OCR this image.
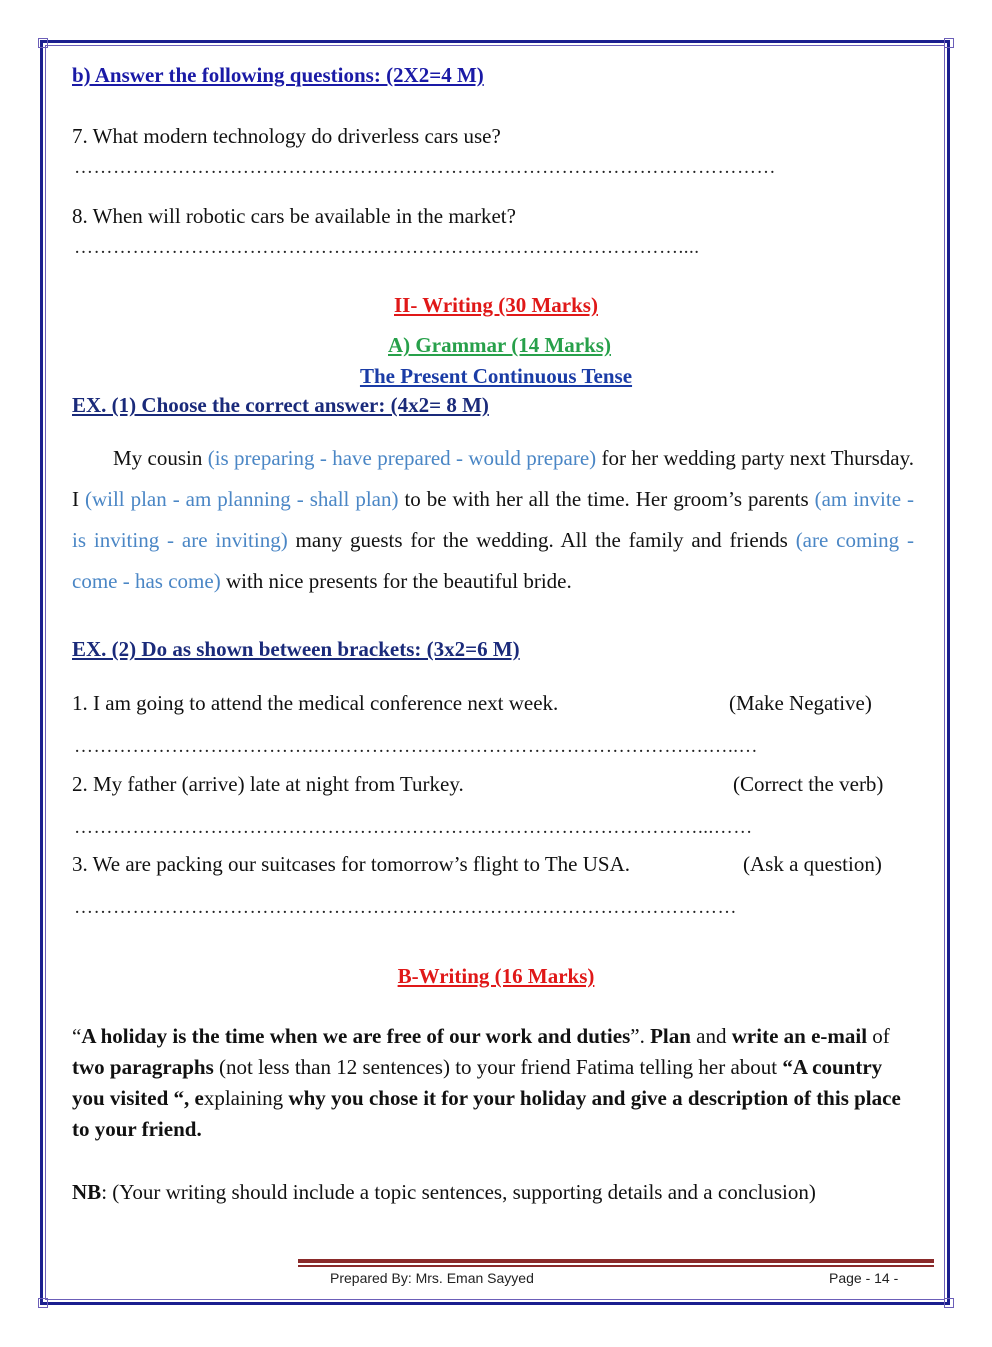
b) Answer the following questions: (2X2=4 M)
7. What modern technology do driverless cars use?
………………………………………………………………………………………………
8. When will robotic cars be available in the market?
…………………………………………………………………………………....
II- Writing (30 Marks)
A) Grammar (14 Marks)
The Present Continuous Tense
EX. (1) Choose the correct answer: (4x2= 8 M)
My cousin (is preparing - have prepared - would prepare) for her wedding party next Thursday. I (will plan - am planning - shall plan) to be with her all the time. Her groom’s parents (am invite - is inviting - are inviting) many guests for the wedding. All the family and friends (are coming - come - has come) with nice presents for the beautiful bride.
EX. (2) Do as shown between brackets: (3x2=6 M)
1. I am going to attend the medical conference next week.	(Make Negative)
……………………………….…………………………………………………….…..…
2. My father (arrive) late at night from Turkey.	(Correct the verb)
……………………………………………………………………………………...……
3. We are packing our suitcases for tomorrow’s flight to The USA.	(Ask a question)
…………………………………………………………………………………………
B-Writing (16 Marks)
“A holiday is the time when we are free of our work and duties”. Plan and write an e-mail of two paragraphs (not less than 12 sentences) to your friend Fatima telling her about “A country you visited “, explaining why you chose it for your holiday and give a description of this place to your friend.
NB: (Your writing should include a topic sentences, supporting details and a conclusion)
Prepared By: Mrs. Eman Sayyed	Page - 14 -
